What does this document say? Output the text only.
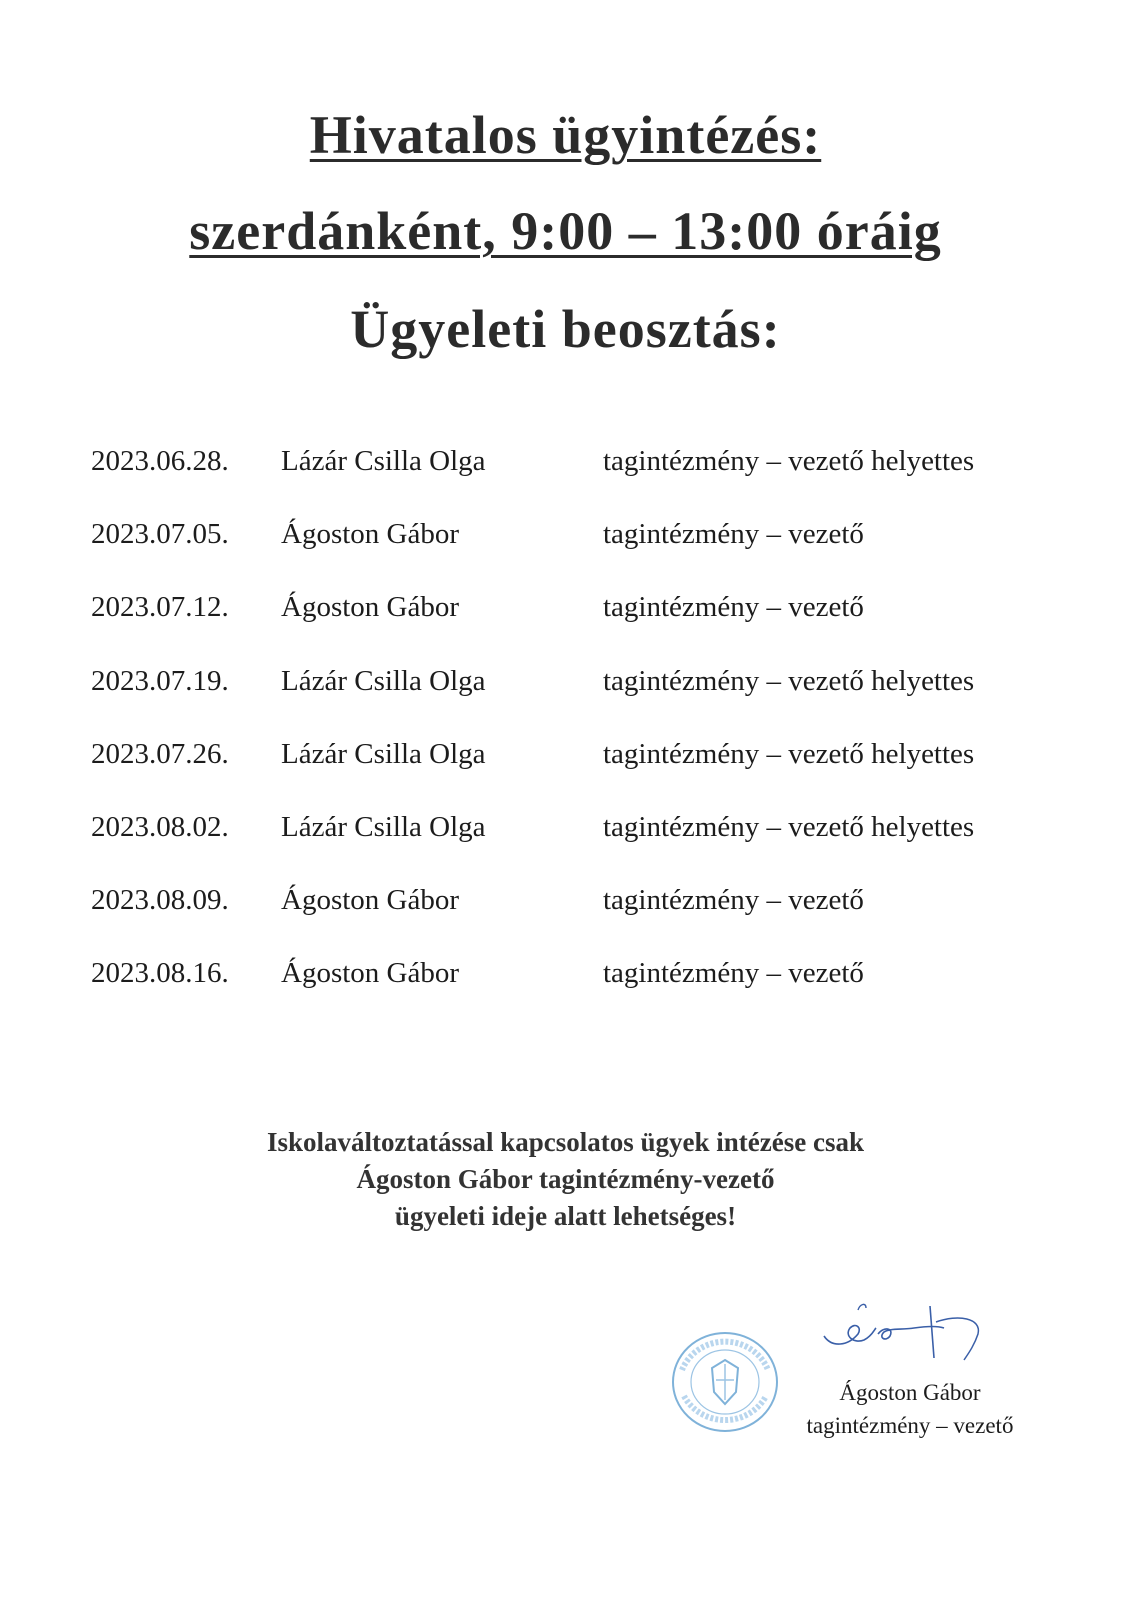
Hivatalos ügyintézés:
szerdánként, 9:00 – 13:00 óráig
Ügyeleti beosztás:
2023.06.28. Lázár Csilla Olga	tagintézmény – vezető helyettes
2023.07.05. Ágoston Gábor	tagintézmény – vezető
2023.07.12. Ágoston Gábor	tagintézmény – vezető
2023.07.19. Lázár Csilla Olga	tagintézmény – vezető helyettes
2023.07.26. Lázár Csilla Olga	tagintézmény – vezető helyettes
2023.08.02. Lázár Csilla Olga	tagintézmény – vezető helyettes
2023.08.09. Ágoston Gábor	tagintézmény – vezető
2023.08.16. Ágoston Gábor	tagintézmény – vezető
Iskolaváltoztatással kapcsolatos ügyek intézése csak
Ágoston Gábor tagintézmény-vezető
ügyeleti ideje alatt lehetséges!
Ágoston Gábor
tagintézmény – vezető
